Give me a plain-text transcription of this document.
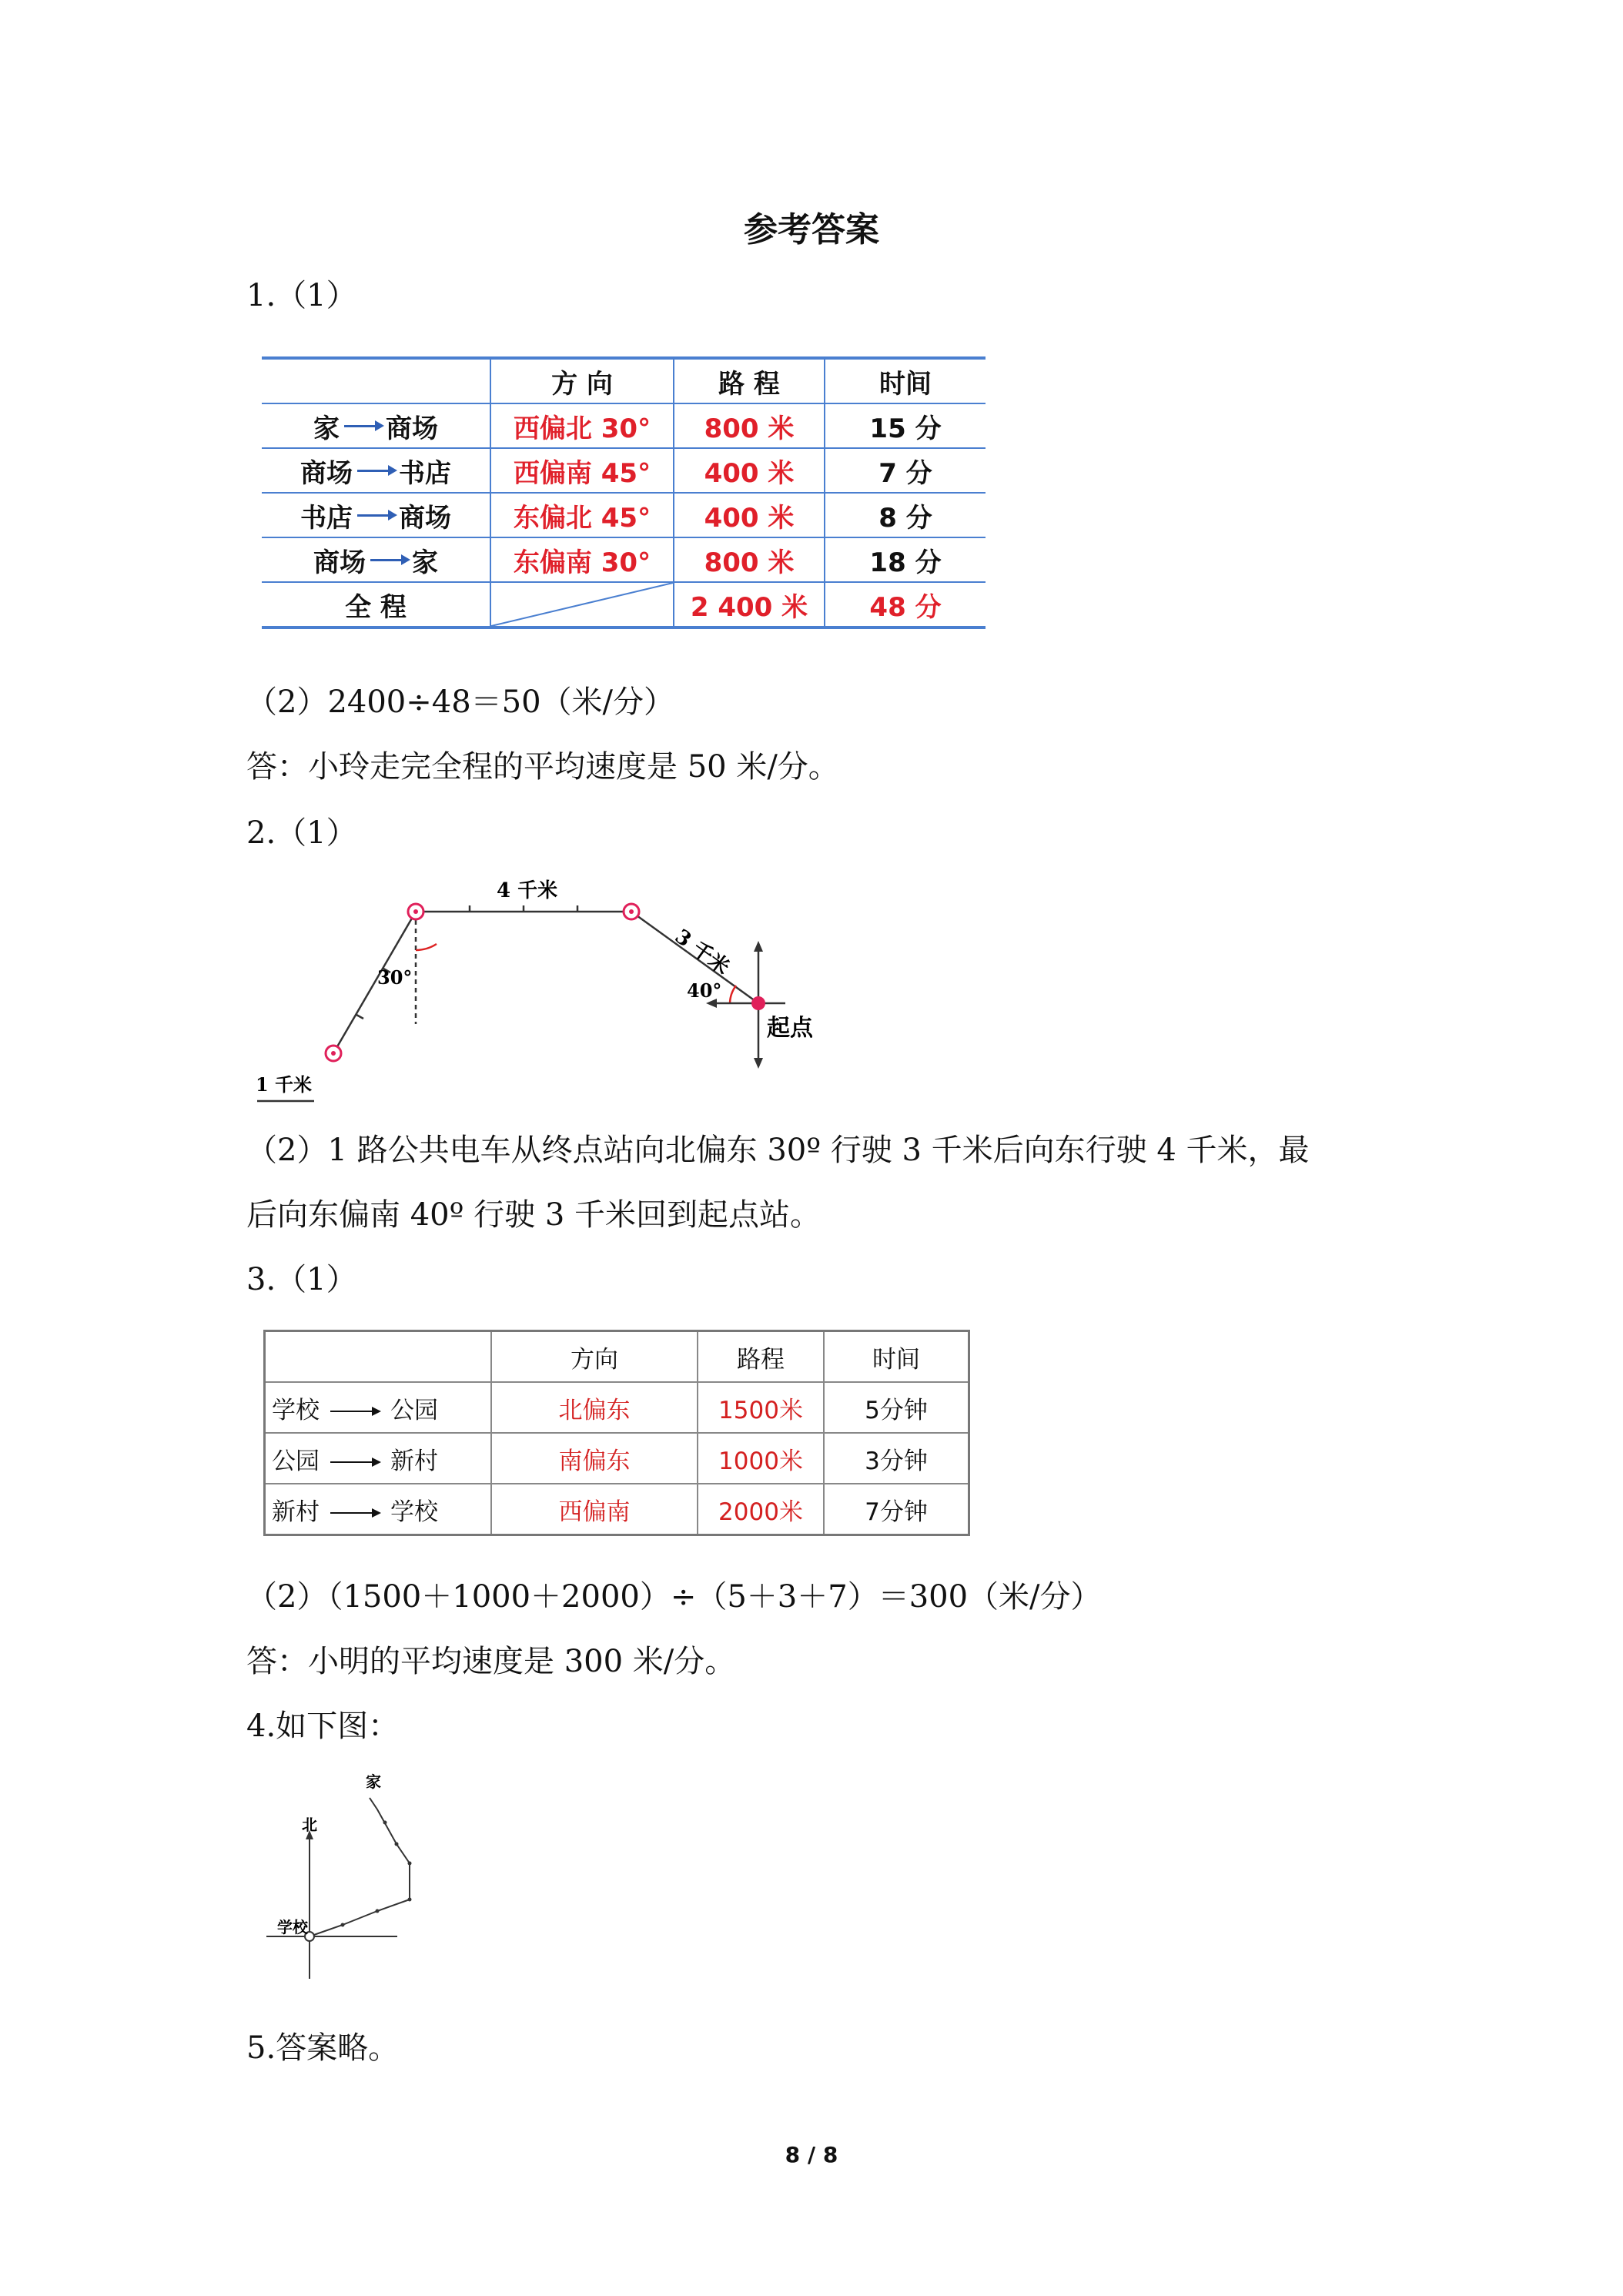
参考答案
1.（1）
	方 向	路 程	时间

家 商场	西偏北 30°	800 米	15 分

商场 书店	西偏南 45°	400 米	7 分

书店 商场	东偏北 45°	400 米	8 分

商场 家	东偏南 30°	800 米	18 分
全 程		2 400 米	48 分
（2）2400÷48＝50（米/分）
答：小玲走完全程的平均速度是 50 米/分。
2.（1）
4 千米
3 千米
30°
40°
起点
1 千米
（2）1 路公共电车从终点站向北偏东 30º 行驶 3 千米后向东行驶 4 千米，最
后向东偏南 40º 行驶 3 千米回到起点站。
3.（1）
	方向	路程	时间
学校 公园	北偏东	1500米	5分钟
公园 新村	南偏东	1000米	3分钟
新村 学校	西偏南	2000米	7分钟
（2）（1500＋1000＋2000）÷（5＋3＋7）＝300（米/分）
答：小明的平均速度是 300 米/分。
4.如下图：
家
北
学校
5.答案略。
8 / 8
